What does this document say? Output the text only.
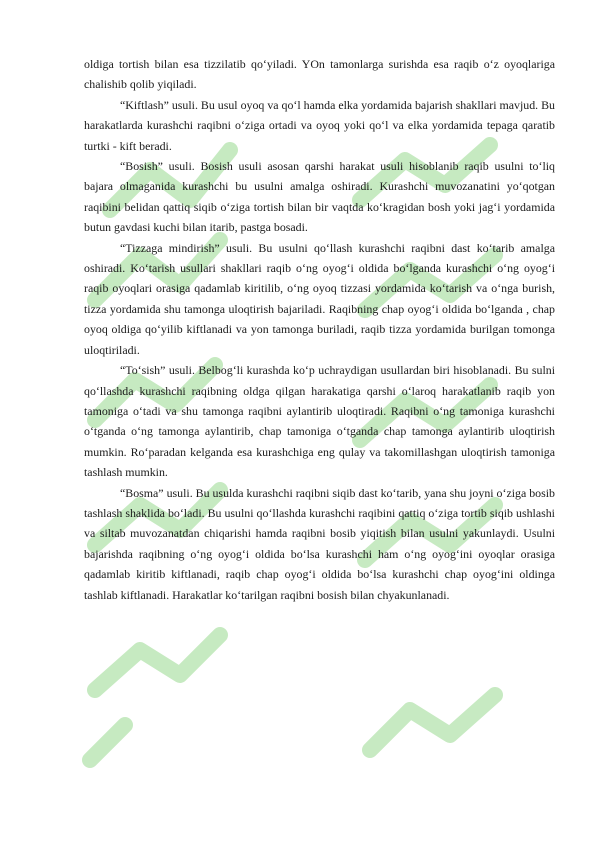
oldiga tortish bilan esa tizzilatib qo‘yiladi. YOn tamonlarga surishda esa raqib o‘z oyoqlariga chalishib qolib yiqiladi.

“Kiftlash” usuli. Bu usul oyoq va qo‘l hamda elka yordamida bajarish shakllari mavjud. Bu harakatlarda kurashchi raqibni o‘ziga ortadi va oyoq yoki qo‘l va elka yordamida tepaga qaratib turtki - kift beradi.

“Bosish” usuli. Bosish usuli asosan qarshi harakat usuli hisoblanib raqib usulni to‘liq bajara olmaganida kurashchi bu usulni amalga oshiradi. Kurashchi muvozanatini yo‘qotgan raqibini belidan qattiq siqib o‘ziga tortish bilan bir vaqtda ko‘kragidan bosh yoki jag‘i yordamida butun gavdasi kuchi bilan itarib, pastga bosadi.

“Tizzaga mindirish” usuli. Bu usulni qo‘llash kurashchi raqibni dast ko‘tarib amalga oshiradi. Ko‘tarish usullari shakllari raqib o‘ng oyog‘i oldida bo‘lganda kurashchi o‘ng oyog‘i raqib oyoqlari orasiga qadamlab kiritilib, o‘ng oyoq tizzasi yordamida ko‘tarish va o‘nga burish, tizza yordamida shu tamonga uloqtirish bajariladi. Raqibning chap oyog‘i oldida bo‘lganda , chap oyoq oldiga qo‘yilib kiftlanadi va yon tamonga buriladi, raqib tizza yordamida burilgan tomonga uloqtiriladi.

“To‘sish” usuli. Belbog‘li kurashda ko‘p uchraydigan usullardan biri hisoblanadi. Bu sulni qo‘llashda kurashchi raqibning oldga qilgan harakatiga qarshi o‘laroq harakatlanib raqib yon tamoniga o‘tadi va shu tamonga raqibni aylantirib uloqtiradi. Raqibni o‘ng tamoniga kurashchi o‘tganda o‘ng tamonga aylantirib, chap tamoniga o‘tganda chap tamonga aylantirib uloqtirish mumkin. Ro‘paradan kelganda esa kurashchiga eng qulay va takomillashgan uloqtirish tamoniga tashlash mumkin.

“Bosma” usuli. Bu usulda kurashchi raqibni siqib dast ko‘tarib, yana shu joyni o‘ziga bosib tashlash shaklida bo‘ladi. Bu usulni qo‘llashda kurashchi raqibini qattiq o‘ziga tortib siqib ushlashi va siltab muvozanatdan chiqarishi hamda raqibni bosib yiqitish bilan usulni yakunlaydi. Usulni bajarishda raqibning o‘ng oyog‘i oldida bo‘lsa kurashchi ham o‘ng oyog‘ini oyoqlar orasiga qadamlab kiritib kiftlanadi, raqib chap oyog‘i oldida bo‘lsa kurashchi chap oyog‘ini oldinga tashlab kiftlanadi. Harakatlar ko‘tarilgan raqibni bosish bilan chyakunlanadi.
